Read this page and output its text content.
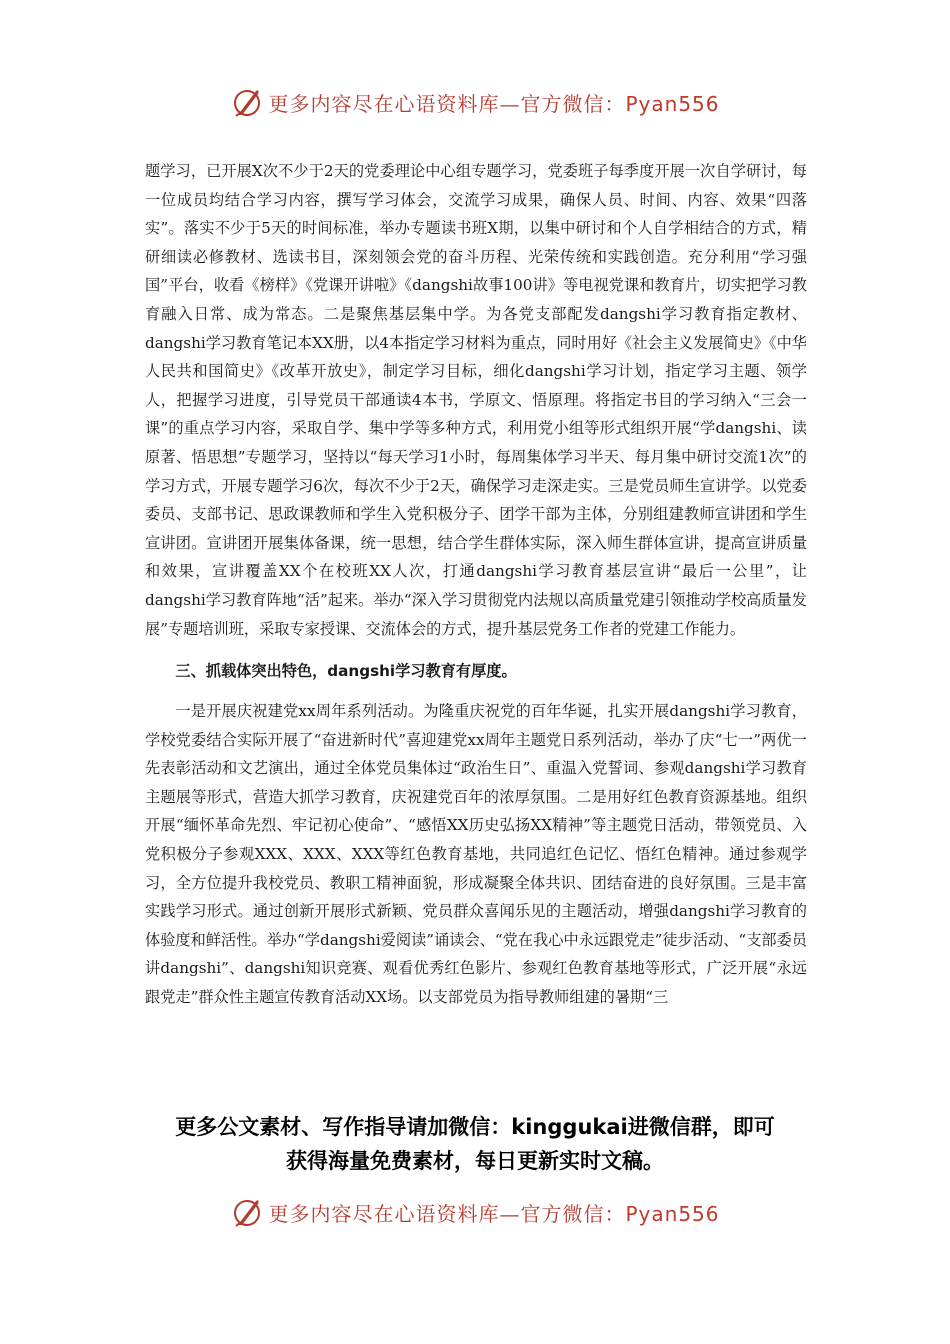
更多内容尽在心语资料库—官方微信：Pyan556

题学习，已开展X次不少于2天的党委理论中心组专题学习，党委班子每季度开展一次自学研讨，每一位成员均结合学习内容，撰写学习体会，交流学习成果，确保人员、时间、内容、效果“四落实”。落实不少于5天的时间标准，举办专题读书班X期，以集中研讨和个人自学相结合的方式，精研细读必修教材、选读书目，深刻领会党的奋斗历程、光荣传统和实践创造。充分利用“学习强国”平台，收看《榜样》《党课开讲啦》《dangshi故事100讲》等电视党课和教育片，切实把学习教育融入日常、成为常态。二是聚焦基层集中学。为各党支部配发dangshi学习教育指定教材、dangshi学习教育笔记本XX册，以4本指定学习材料为重点，同时用好《社会主义发展简史》《中华人民共和国简史》《改革开放史》，制定学习目标，细化dangshi学习计划，指定学习主题、领学人，把握学习进度，引导党员干部通读4本书，学原文、悟原理。将指定书目的学习纳入“三会一课”的重点学习内容，采取自学、集中学等多种方式，利用党小组等形式组织开展“学dangshi、读原著、悟思想”专题学习，坚持以“每天学习1小时，每周集体学习半天、每月集中研讨交流1次”的学习方式，开展专题学习6次，每次不少于2天，确保学习走深走实。三是党员师生宣讲学。以党委委员、支部书记、思政课教师和学生入党积极分子、团学干部为主体，分别组建教师宣讲团和学生宣讲团。宣讲团开展集体备课，统一思想，结合学生群体实际，深入师生群体宣讲，提高宣讲质量和效果，宣讲覆盖XX个在校班XX人次，打通dangshi学习教育基层宣讲“最后一公里”，让dangshi学习教育阵地“活”起来。举办“深入学习贯彻党内法规以高质量党建引领推动学校高质量发展”专题培训班，采取专家授课、交流体会的方式，提升基层党务工作者的党建工作能力。

三、抓载体突出特色，dangshi学习教育有厚度。

一是开展庆祝建党xx周年系列活动。为隆重庆祝党的百年华诞，扎实开展dangshi学习教育，学校党委结合实际开展了“奋进新时代”喜迎建党xx周年主题党日系列活动，举办了庆“七一”两优一先表彰活动和文艺演出，通过全体党员集体过“政治生日”、重温入党誓词、参观dangshi学习教育主题展等形式，营造大抓学习教育，庆祝建党百年的浓厚氛围。二是用好红色教育资源基地。组织开展“缅怀革命先烈、牢记初心使命”、“感悟XX历史弘扬XX精神”等主题党日活动，带领党员、入党积极分子参观XXX、XXX、XXX等红色教育基地，共同追红色记忆、悟红色精神。通过参观学习，全方位提升我校党员、教职工精神面貌，形成凝聚全体共识、团结奋进的良好氛围。三是丰富实践学习形式。通过创新开展形式新颖、党员群众喜闻乐见的主题活动，增强dangshi学习教育的体验度和鲜活性。举办“学dangshi爱阅读”诵读会、“党在我心中永远跟党走”徒步活动、“支部委员讲dangshi”、dangshi知识竞赛、观看优秀红色影片、参观红色教育基地等形式，广泛开展“永远跟党走”群众性主题宣传教育活动XX场。以支部党员为指导教师组建的暑期“三

更多公文素材、写作指导请加微信：kinggukai进微信群，即可
获得海量免费素材，每日更新实时文稿。
更多内容尽在心语资料库—官方微信：Pyan556
